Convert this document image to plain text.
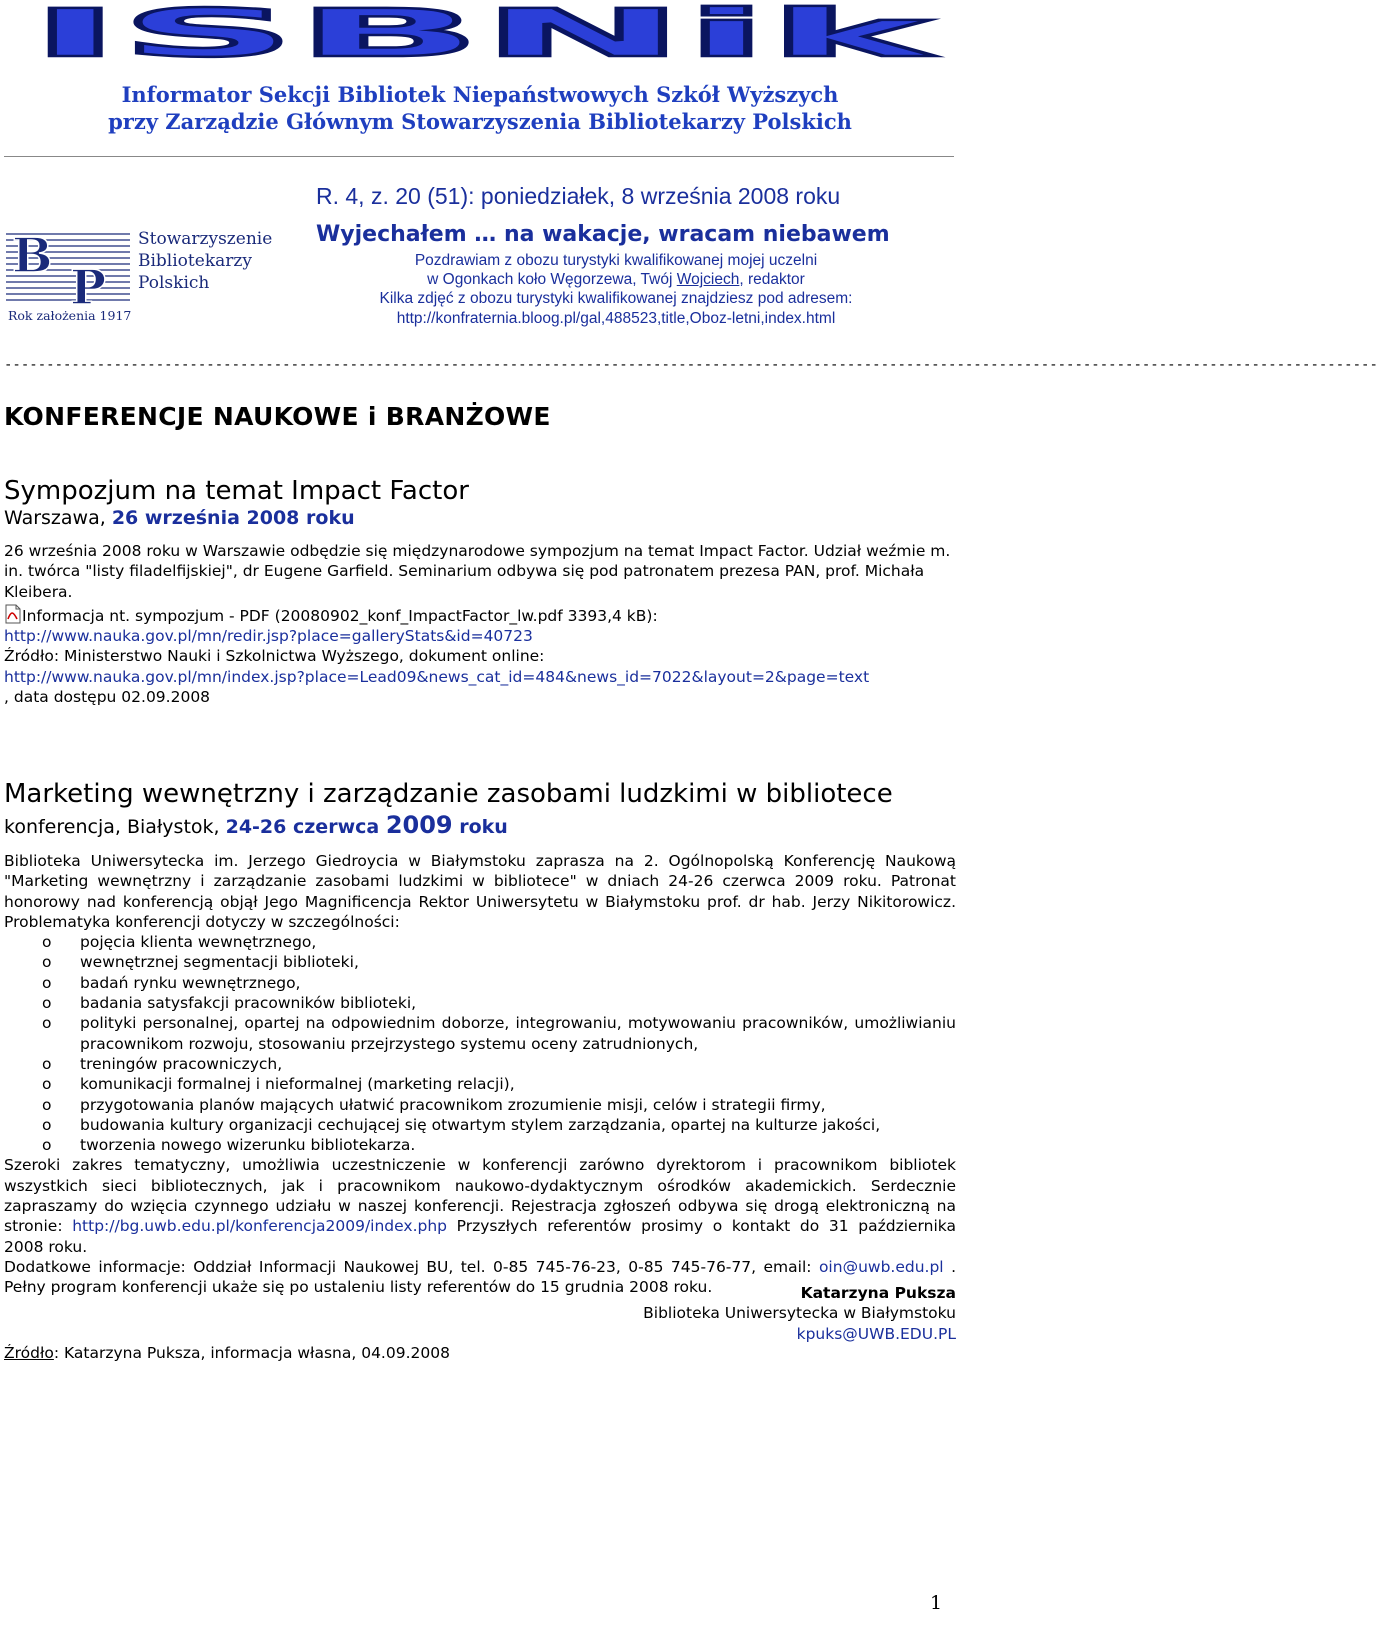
ISBNik
Informator Sekcji Bibliotek Niepaństwowych Szkół Wyższych
przy Zarządzie Głównym Stowarzyszenia Bibliotekarzy Polskich
R. 4, z. 20 (51): poniedziałek, 8 września 2008 roku
B
P
Stowarzyszenie
Bibliotekarzy
Polskich
Rok założenia 1917
Wyjechałem … na wakacje, wracam niebawem
Pozdrawiam z obozu turystyki kwalifikowanej mojej uczelni
w Ogonkach koło Węgorzewa, Twój Wojciech, redaktor
Kilka zdjęć z obozu turystyki kwalifikowanej znajdziesz pod adresem:
http://konfraternia.bloog.pl/gal,488523,title,Oboz-letni,index.html
-------------------------------------------------------------------------------------------------------------------------------------------------------------------
KONFERENCJE NAUKOWE i BRANŻOWE
Sympozjum na temat Impact Factor
Warszawa, 26 września 2008 roku
26 września 2008 roku w Warszawie odbędzie się międzynarodowe sympozjum na temat Impact Factor. Udział weźmie m. in. twórca "listy filadelfijskiej", dr Eugene Garfield. Seminarium odbywa się pod patronatem prezesa PAN, prof. Michała Kleibera.
Informacja nt. sympozjum - PDF (20080902_konf_ImpactFactor_lw.pdf 3393,4 kB):
http://www.nauka.gov.pl/mn/redir.jsp?place=galleryStats&id=40723
Źródło: Ministerstwo Nauki i Szkolnictwa Wyższego, dokument online:
http://www.nauka.gov.pl/mn/index.jsp?place=Lead09&news_cat_id=484&news_id=7022&layout=2&page=text
, data dostępu 02.09.2008
Marketing wewnętrzny i zarządzanie zasobami ludzkimi w bibliotece
konferencja, Białystok, 24-26 czerwca 2009 roku
Biblioteka Uniwersytecka im. Jerzego Giedroycia w Białymstoku zaprasza na 2. Ogólnopolską Konferencję Naukową "Marketing wewnętrzny i zarządzanie zasobami ludzkimi w bibliotece" w dniach 24-26 czerwca 2009 roku. Patronat honorowy nad konferencją objął Jego Magnificencja Rektor Uniwersytetu w Białymstoku prof. dr hab. Jerzy Nikitorowicz. Problematyka konferencji dotyczy w szczególności:
o pojęcia klienta wewnętrznego,
o wewnętrznej segmentacji biblioteki,
o badań rynku wewnętrznego,
o badania satysfakcji pracowników biblioteki,
o polityki personalnej, opartej na odpowiednim doborze, integrowaniu, motywowaniu pracowników, umożliwianiu pracownikom rozwoju, stosowaniu przejrzystego systemu oceny zatrudnionych,
o treningów pracowniczych,
o komunikacji formalnej i nieformalnej (marketing relacji),
o przygotowania planów mających ułatwić pracownikom zrozumienie misji, celów i strategii firmy,
o budowania kultury organizacji cechującej się otwartym stylem zarządzania, opartej na kulturze jakości,
o tworzenia nowego wizerunku bibliotekarza.
Szeroki zakres tematyczny, umożliwia uczestniczenie w konferencji zarówno dyrektorom i pracownikom bibliotek wszystkich sieci bibliotecznych, jak i pracownikom naukowo-dydaktycznym ośrodków akademickich. Serdecznie zapraszamy do wzięcia czynnego udziału w naszej konferencji. Rejestracja zgłoszeń odbywa się drogą elektroniczną na stronie: http://bg.uwb.edu.pl/konferencja2009/index.php Przyszłych referentów prosimy o kontakt do 31 października 2008 roku.
Dodatkowe informacje: Oddział Informacji Naukowej BU, tel. 0-85 745-76-23, 0-85 745-76-77, email: oin@uwb.edu.pl . Pełny program konferencji ukaże się po ustaleniu listy referentów do 15 grudnia 2008 roku.	Katarzyna Puksza
Biblioteka Uniwersytecka w Białymstoku
kpuks@UWB.EDU.PL
Źródło: Katarzyna Puksza, informacja własna, 04.09.2008
1
